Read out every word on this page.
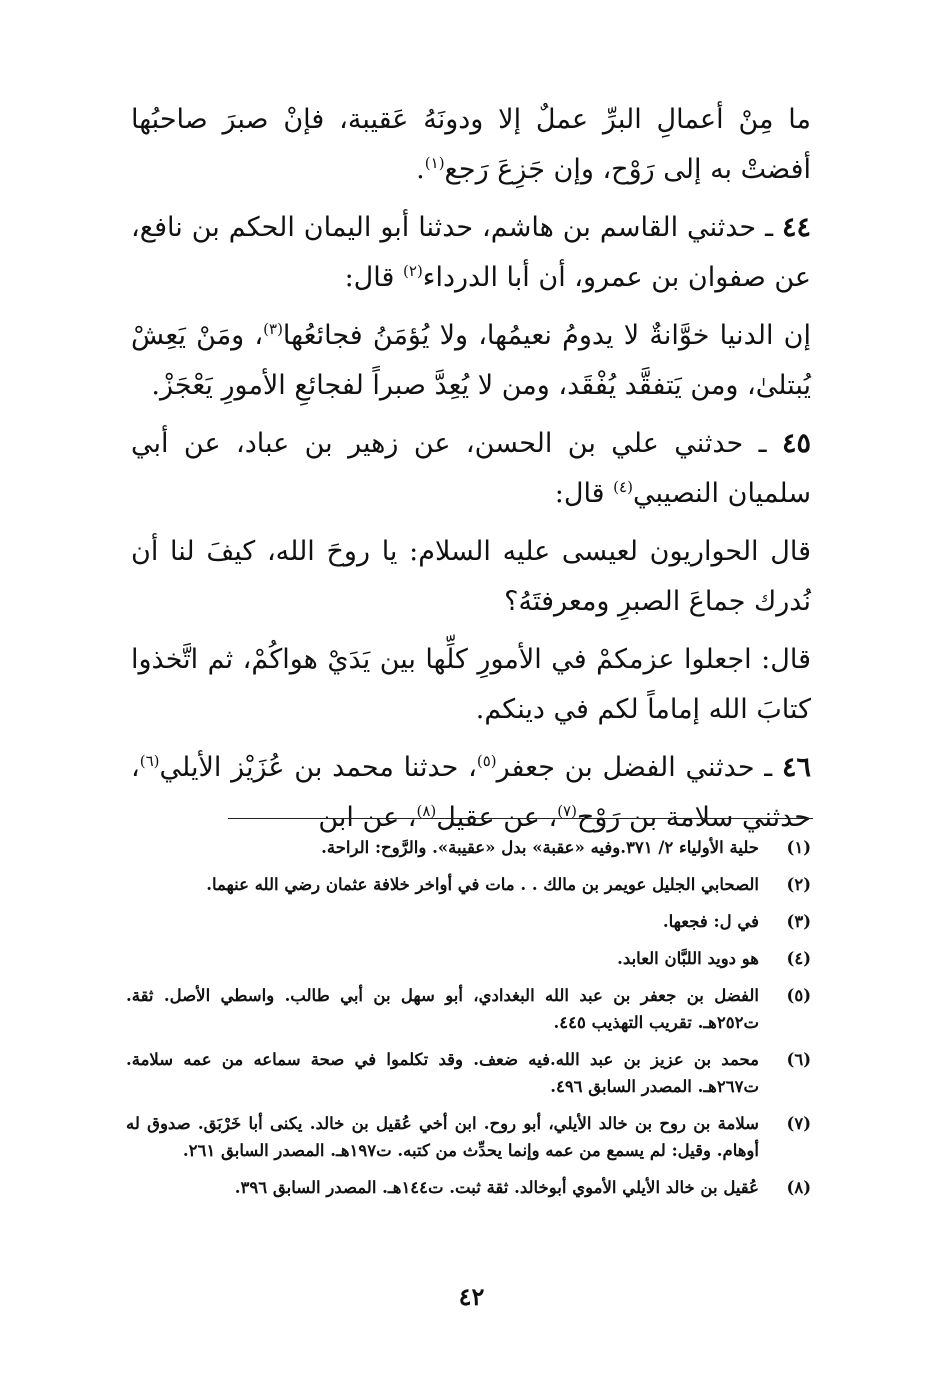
ما مِنْ أعمالِ البرِّ عملٌ إلا ودونَهُ عَقيبة، فإنْ صبرَ صاحبُها أفضتْ به إلى رَوْح، وإن جَزِعَ رَجع$^{(١)}$.

٤٤ ـ حدثني القاسم بن هاشم، حدثنا أبو اليمان الحكم بن نافع، عن صفوان بن عمرو، أن أبا الدرداء$^{(٢)}$ قال:

إن الدنيا خوَّانةٌ لا يدومُ نعيمُها، ولا يُؤمَنُ فجائعُها$^{(٣)}$، ومَنْ يَعِشْ يُبتلىٰ، ومن يَتفقَّد يُفْقَد، ومن لا يُعِدَّ صبراً لفجائعِ الأمورِ يَعْجَزْ.

٤٥ ـ حدثني علي بن الحسن، عن زهير بن عباد، عن أبي سلميان النصيبي$^{(٤)}$ قال:

قال الحواريون لعيسى عليه السلام: يا روحَ الله، كيفَ لنا أن نُدرك جماعَ الصبرِ ومعرفتَهُ؟

قال: اجعلوا عزمكمْ في الأمورِ كلِّها بين يَدَيْ هواكُمْ، ثم اتَّخذوا كتابَ الله إماماً لكم في دينكم.

٤٦ ـ حدثني الفضل بن جعفر$^{(٥)}$، حدثنا محمد بن عُزَيْز الأيلي$^{(٦)}$، حدثني سلامة بن رَوْح$^{(٧)}$، عن عقيل$^{(٨)}$، عن ابن

(١)
حلية الأولياء ٢/ ٣٧١.وفيه «عقبة» بدل «عقيبة». والرَّوح: الراحة.
(٢)
الصحابي الجليل عويمر بن مالك . . مات في أواخر خلافة عثمان رضي الله عنهما.
(٣)
في ل: فجعها.
(٤)
هو دويد اللبَّان العابد.
(٥)
الفضل بن جعفر بن عبد الله البغدادي، أبو سهل بن أبي طالب. واسطي الأصل. ثقة. ت٢٥٢هـ. تقريب التهذيب ٤٤٥.
(٦)
محمد بن عزيز بن عبد الله.فيه ضعف. وقد تكلموا في صحة سماعه من عمه سلامة. ت٢٦٧هـ. المصدر السابق ٤٩٦.
(٧)
سلامة بن روح بن خالد الأيلي، أبو روح. ابن أخي عُقيل بن خالد. يكنى أبا خَرْبَق. صدوق له أوهام. وقيل: لم يسمع من عمه وإنما يحدِّث من كتبه. ت١٩٧هـ. المصدر السابق ٢٦١.
(٨)
عُقيل بن خالد الأيلي الأموي أبوخالد. ثقة ثبت. ت١٤٤هـ. المصدر السابق ٣٩٦.
٤٢
